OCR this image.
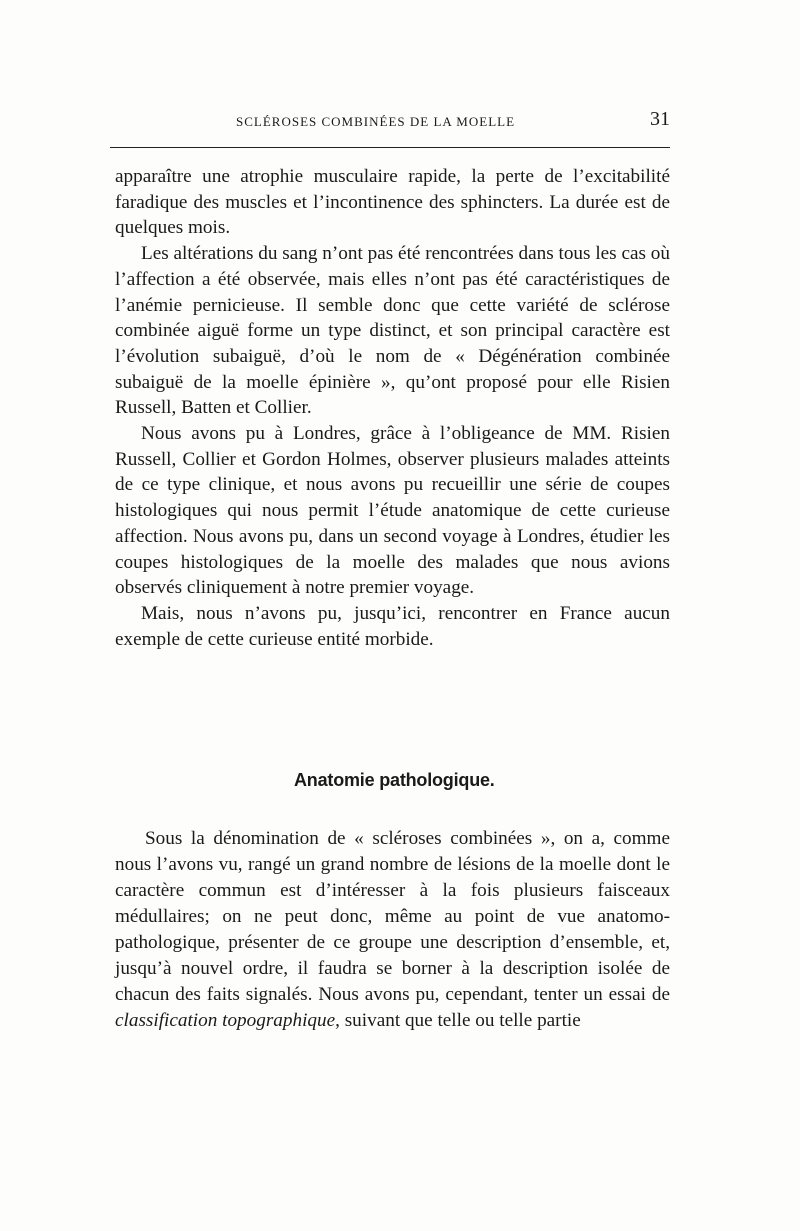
SCLÉROSES COMBINÉES DE LA MOELLE	31

apparaître une atrophie musculaire rapide, la perte de l’excitabilité faradique des muscles et l’incontinence des sphincters. La durée est de quelques mois.

Les altérations du sang n’ont pas été rencontrées dans tous les cas où l’affection a été observée, mais elles n’ont pas été caractéristiques de l’anémie pernicieuse. Il semble donc que cette variété de sclérose combinée aiguë forme un type distinct, et son principal caractère est l’évolution subaiguë, d’où le nom de « Dégénération combinée subaiguë de la moelle épinière », qu’ont proposé pour elle Risien Russell, Batten et Collier.

Nous avons pu à Londres, grâce à l’obligeance de MM. Risien Russell, Collier et Gordon Holmes, observer plusieurs malades atteints de ce type clinique, et nous avons pu recueillir une série de coupes histologiques qui nous permit l’étude anatomique de cette curieuse affection. Nous avons pu, dans un second voyage à Londres, étudier les coupes histologiques de la moelle des malades que nous avions observés cliniquement à notre premier voyage.

Mais, nous n’avons pu, jusqu’ici, rencontrer en France aucun exemple de cette curieuse entité morbide.

Anatomie pathologique.

Sous la dénomination de « scléroses combinées », on a, comme nous l’avons vu, rangé un grand nombre de lésions de la moelle dont le caractère commun est d’intéresser à la fois plusieurs faisceaux médullaires; on ne peut donc, même au point de vue anatomo-pathologique, présenter de ce groupe une description d’ensemble, et, jusqu’à nouvel ordre, il faudra se borner à la description isolée de chacun des faits signalés. Nous avons pu, cependant, tenter un essai de classification topographique, suivant que telle ou telle partie
